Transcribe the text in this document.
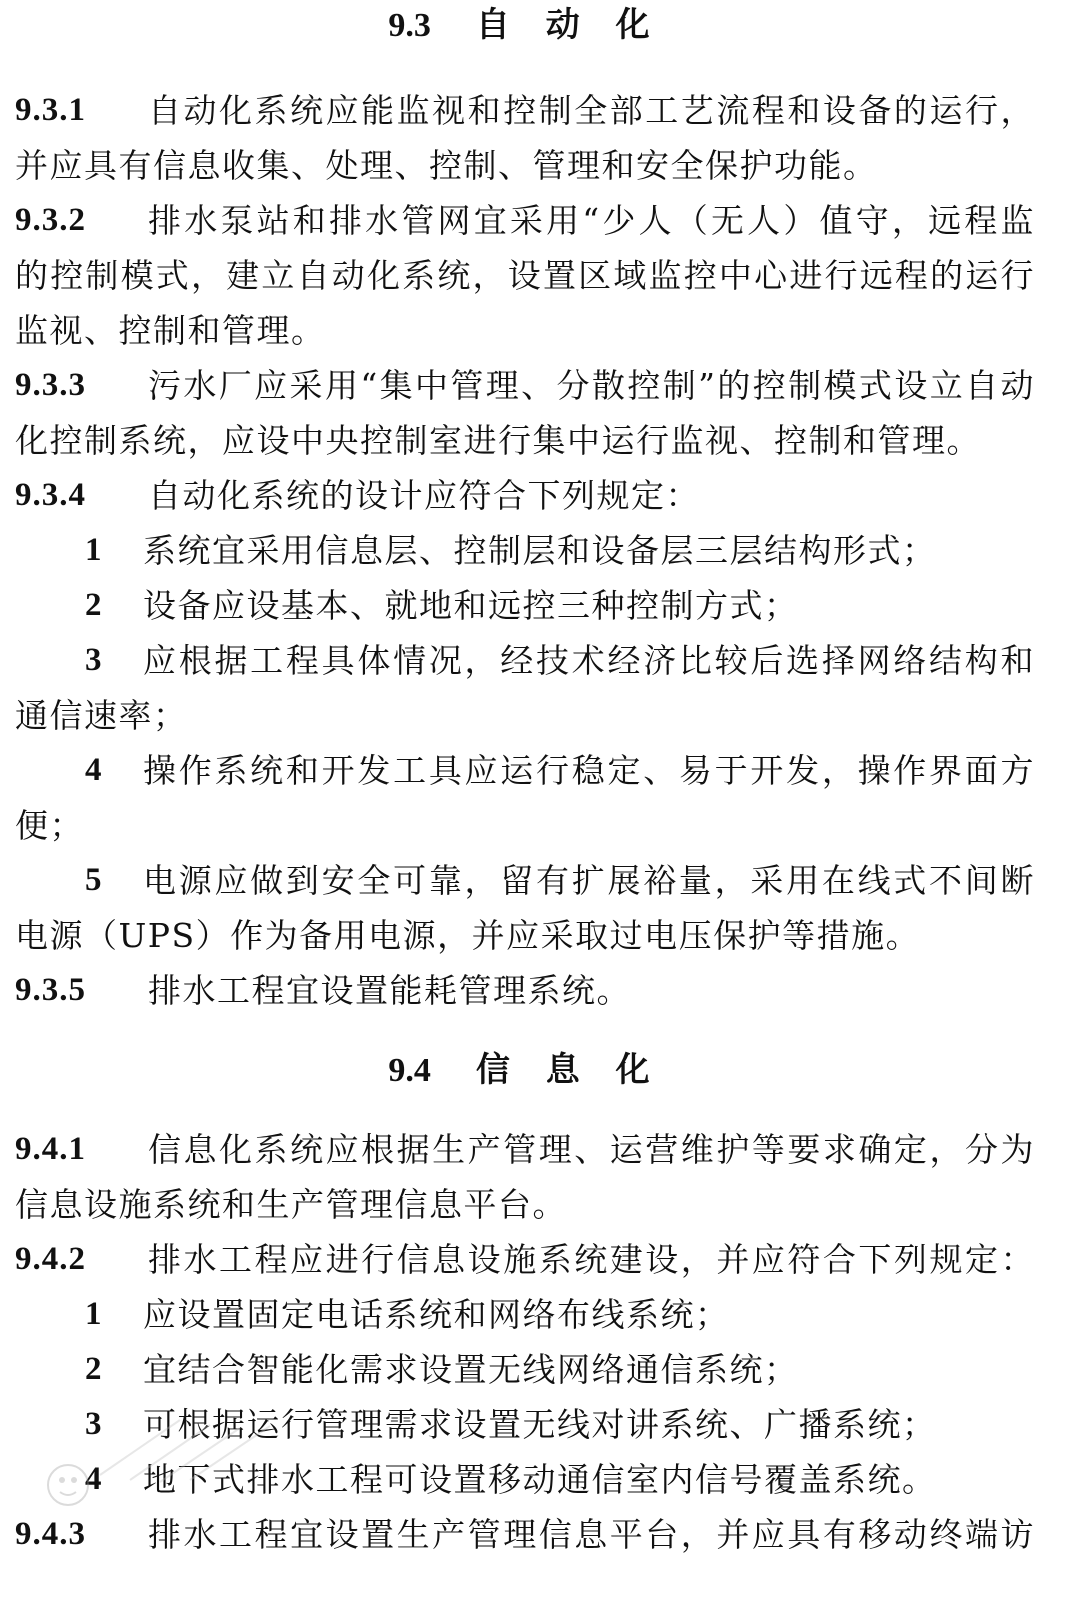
9.3 自 动 化
9.3.1	自动化系统应能监视和控制全部工艺流程和设备的运行，
并应具有信息收集、处理、控制、管理和安全保护功能。
9.3.2	排水泵站和排水管网宜采用“少人（无人）值守，远程监
的控制模式，建立自动化系统，设置区域监控中心进行远程的运行
监视、控制和管理。
9.3.3	污水厂应采用“集中管理、分散控制”的控制模式设立自动
化控制系统，应设中央控制室进行集中运行监视、控制和管理。
9.3.4	自动化系统的设计应符合下列规定：
1	系统宜采用信息层、控制层和设备层三层结构形式；
2	设备应设基本、就地和远控三种控制方式；
3	应根据工程具体情况，经技术经济比较后选择网络结构和
通信速率；
4	操作系统和开发工具应运行稳定、易于开发，操作界面方
便；
5	电源应做到安全可靠，留有扩展裕量，采用在线式不间断
电源（UPS）作为备用电源，并应采取过电压保护等措施。
9.3.5	排水工程宜设置能耗管理系统。
9.4 信 息 化
9.4.1	信息化系统应根据生产管理、运营维护等要求确定，分为
信息设施系统和生产管理信息平台。
9.4.2	排水工程应进行信息设施系统建设，并应符合下列规定：
1	应设置固定电话系统和网络布线系统；
2	宜结合智能化需求设置无线网络通信系统；
3	可根据运行管理需求设置无线对讲系统、广播系统；
4	地下式排水工程可设置移动通信室内信号覆盖系统。
9.4.3	排水工程宜设置生产管理信息平台，并应具有移动终端访
